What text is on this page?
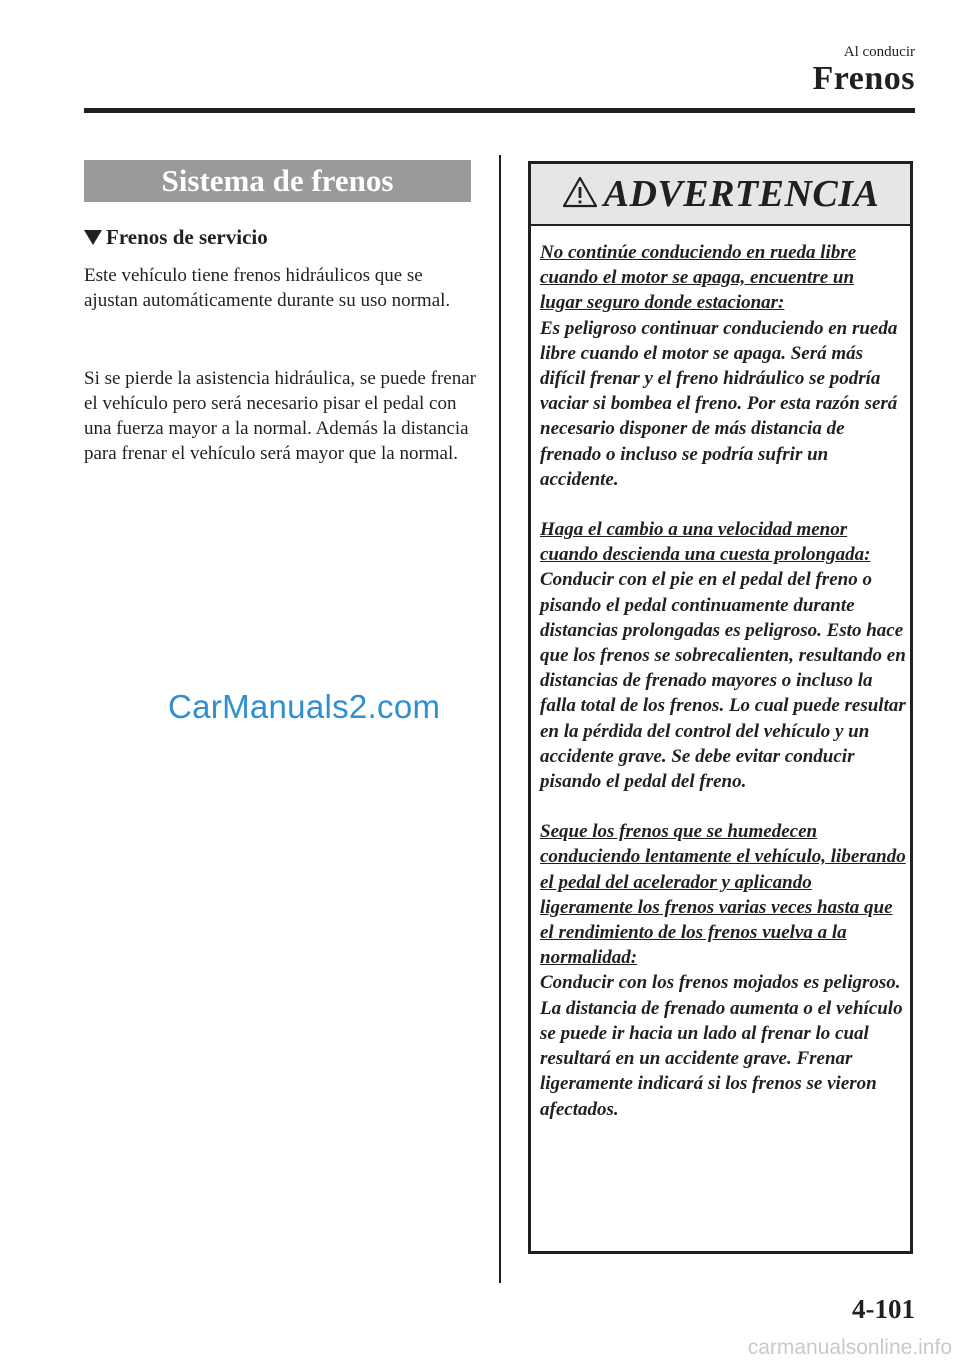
Al conducir
Frenos
Sistema de frenos
Frenos de servicio

Este vehículo tiene frenos hidráulicos que se ajustan automáticamente durante su uso normal.

Si se pierde la asistencia hidráulica, se puede frenar el vehículo pero será necesario pisar el pedal con una fuerza mayor a la normal. Además la distancia para frenar el vehículo será mayor que la normal.

ADVERTENCIA
No continúe conduciendo en rueda libre cuando el motor se apaga, encuentre un lugar seguro donde estacionar:
Es peligroso continuar conduciendo en rueda libre cuando el motor se apaga. Será más difícil frenar y el freno hidráulico se podría vaciar si bombea el freno. Por esta razón será necesario disponer de más distancia de frenado o incluso se podría sufrir un accidente.
Haga el cambio a una velocidad menor cuando descienda una cuesta prolongada:
Conducir con el pie en el pedal del freno o pisando el pedal continuamente durante distancias prolongadas es peligroso. Esto hace que los frenos se sobrecalienten, resultando en distancias de frenado mayores o incluso la falla total de los frenos. Lo cual puede resultar en la pérdida del control del vehículo y un accidente grave. Se debe evitar conducir pisando el pedal del freno.
Seque los frenos que se humedecen conduciendo lentamente el vehículo, liberando el pedal del acelerador y aplicando ligeramente los frenos varias veces hasta que el rendimiento de los frenos vuelva a la normalidad:
Conducir con los frenos mojados es peligroso. La distancia de frenado aumenta o el vehículo se puede ir hacia un lado al frenar lo cual resultará en un accidente grave. Frenar ligeramente indicará si los frenos se vieron afectados.
CarManuals2.com
4-101
carmanualsonline.info
